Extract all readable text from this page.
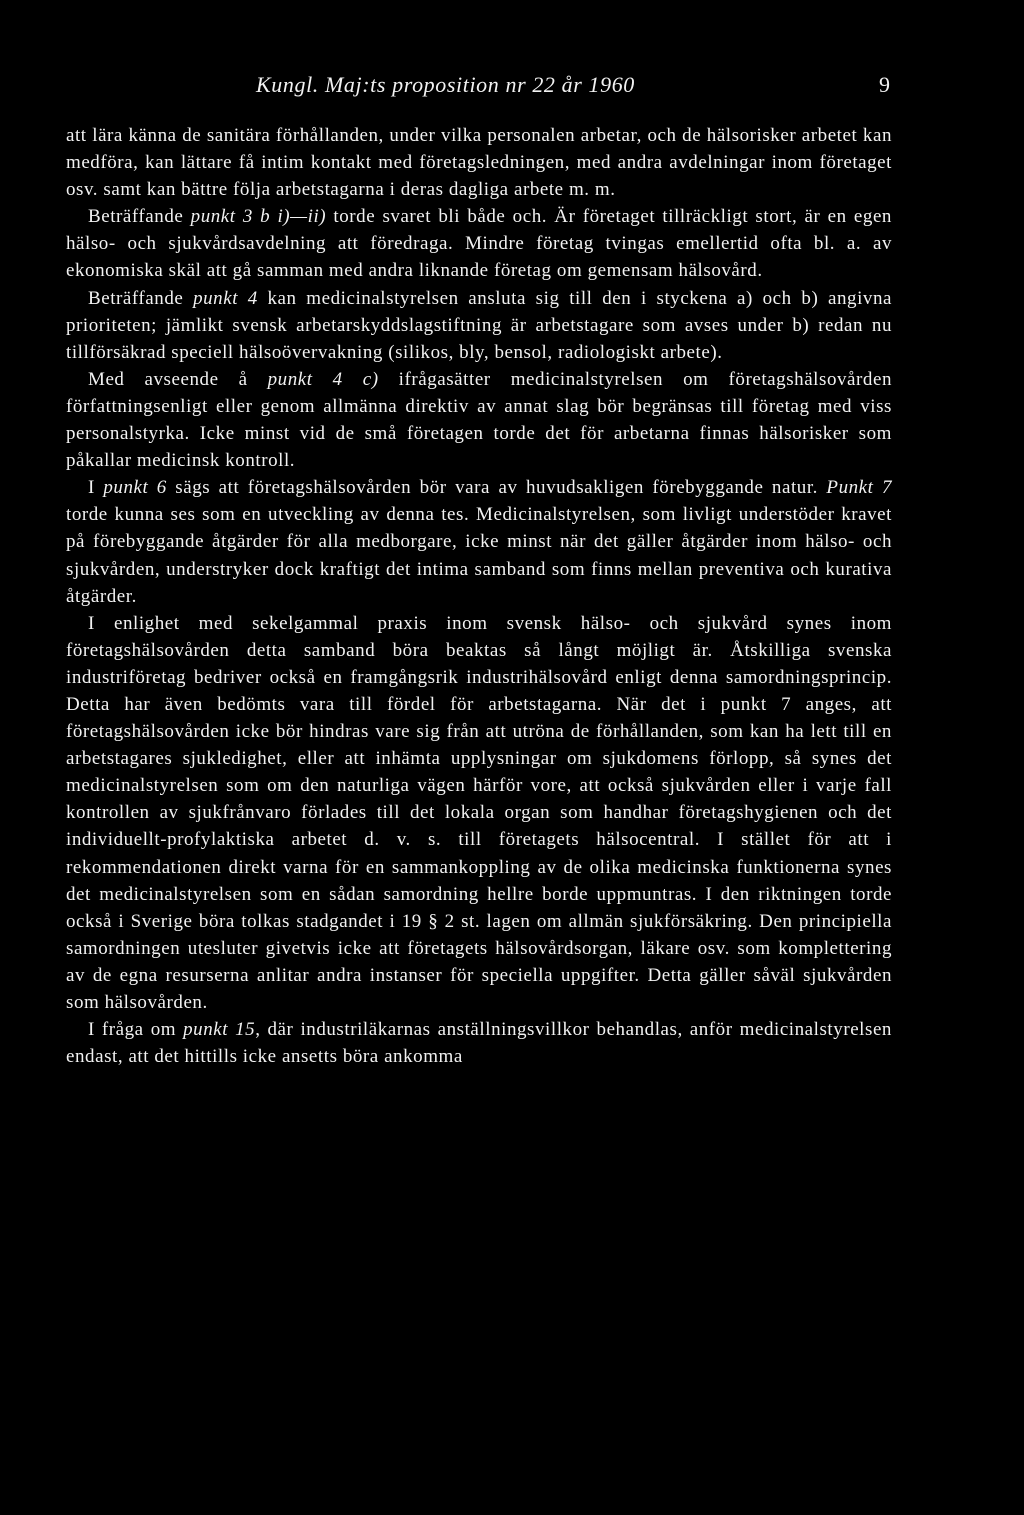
Kungl. Maj:ts proposition nr 22 år 1960	9

att lära känna de sanitära förhållanden, under vilka personalen arbetar, och de hälsorisker arbetet kan medföra, kan lättare få intim kontakt med företagsledningen, med andra avdelningar inom företaget osv. samt kan bättre följa arbetstagarna i deras dagliga arbete m. m.

Beträffande punkt 3 b i)—ii) torde svaret bli både och. Är företaget tillräckligt stort, är en egen hälso- och sjukvårdsavdelning att föredraga. Mindre företag tvingas emellertid ofta bl. a. av ekonomiska skäl att gå samman med andra liknande företag om gemensam hälsovård.

Beträffande punkt 4 kan medicinalstyrelsen ansluta sig till den i styckena a) och b) angivna prioriteten; jämlikt svensk arbetarskyddslagstiftning är arbetstagare som avses under b) redan nu tillförsäkrad speciell hälsoövervakning (silikos, bly, bensol, radiologiskt arbete).

Med avseende å punkt 4 c) ifrågasätter medicinalstyrelsen om företagshälsovården författningsenligt eller genom allmänna direktiv av annat slag bör begränsas till företag med viss personalstyrka. Icke minst vid de små företagen torde det för arbetarna finnas hälsorisker som påkallar medicinsk kontroll.

I punkt 6 sägs att företagshälsovården bör vara av huvudsakligen förebyggande natur. Punkt 7 torde kunna ses som en utveckling av denna tes. Medicinalstyrelsen, som livligt understöder kravet på förebyggande åtgärder för alla medborgare, icke minst när det gäller åtgärder inom hälso- och sjukvården, understryker dock kraftigt det intima samband som finns mellan preventiva och kurativa åtgärder.

I enlighet med sekelgammal praxis inom svensk hälso- och sjukvård synes inom företagshälsovården detta samband böra beaktas så långt möjligt är. Åtskilliga svenska industriföretag bedriver också en framgångsrik industrihälsovård enligt denna samordningsprincip. Detta har även bedömts vara till fördel för arbetstagarna. När det i punkt 7 anges, att företagshälsovården icke bör hindras vare sig från att utröna de förhållanden, som kan ha lett till en arbetstagares sjukledighet, eller att inhämta upplysningar om sjukdomens förlopp, så synes det medicinalstyrelsen som om den naturliga vägen härför vore, att också sjukvården eller i varje fall kontrollen av sjukfrånvaro förlades till det lokala organ som handhar företagshygienen och det individuellt-profylaktiska arbetet d. v. s. till företagets hälsocentral. I stället för att i rekommendationen direkt varna för en sammankoppling av de olika medicinska funktionerna synes det medicinalstyrelsen som en sådan samordning hellre borde uppmuntras. I den riktningen torde också i Sverige böra tolkas stadgandet i 19 § 2 st. lagen om allmän sjukförsäkring. Den principiella samordningen utesluter givetvis icke att företagets hälsovårdsorgan, läkare osv. som komplettering av de egna resurserna anlitar andra instanser för speciella uppgifter. Detta gäller såväl sjukvården som hälsovården.

I fråga om punkt 15, där industriläkarnas anställningsvillkor behandlas, anför medicinalstyrelsen endast, att det hittills icke ansetts böra ankomma
